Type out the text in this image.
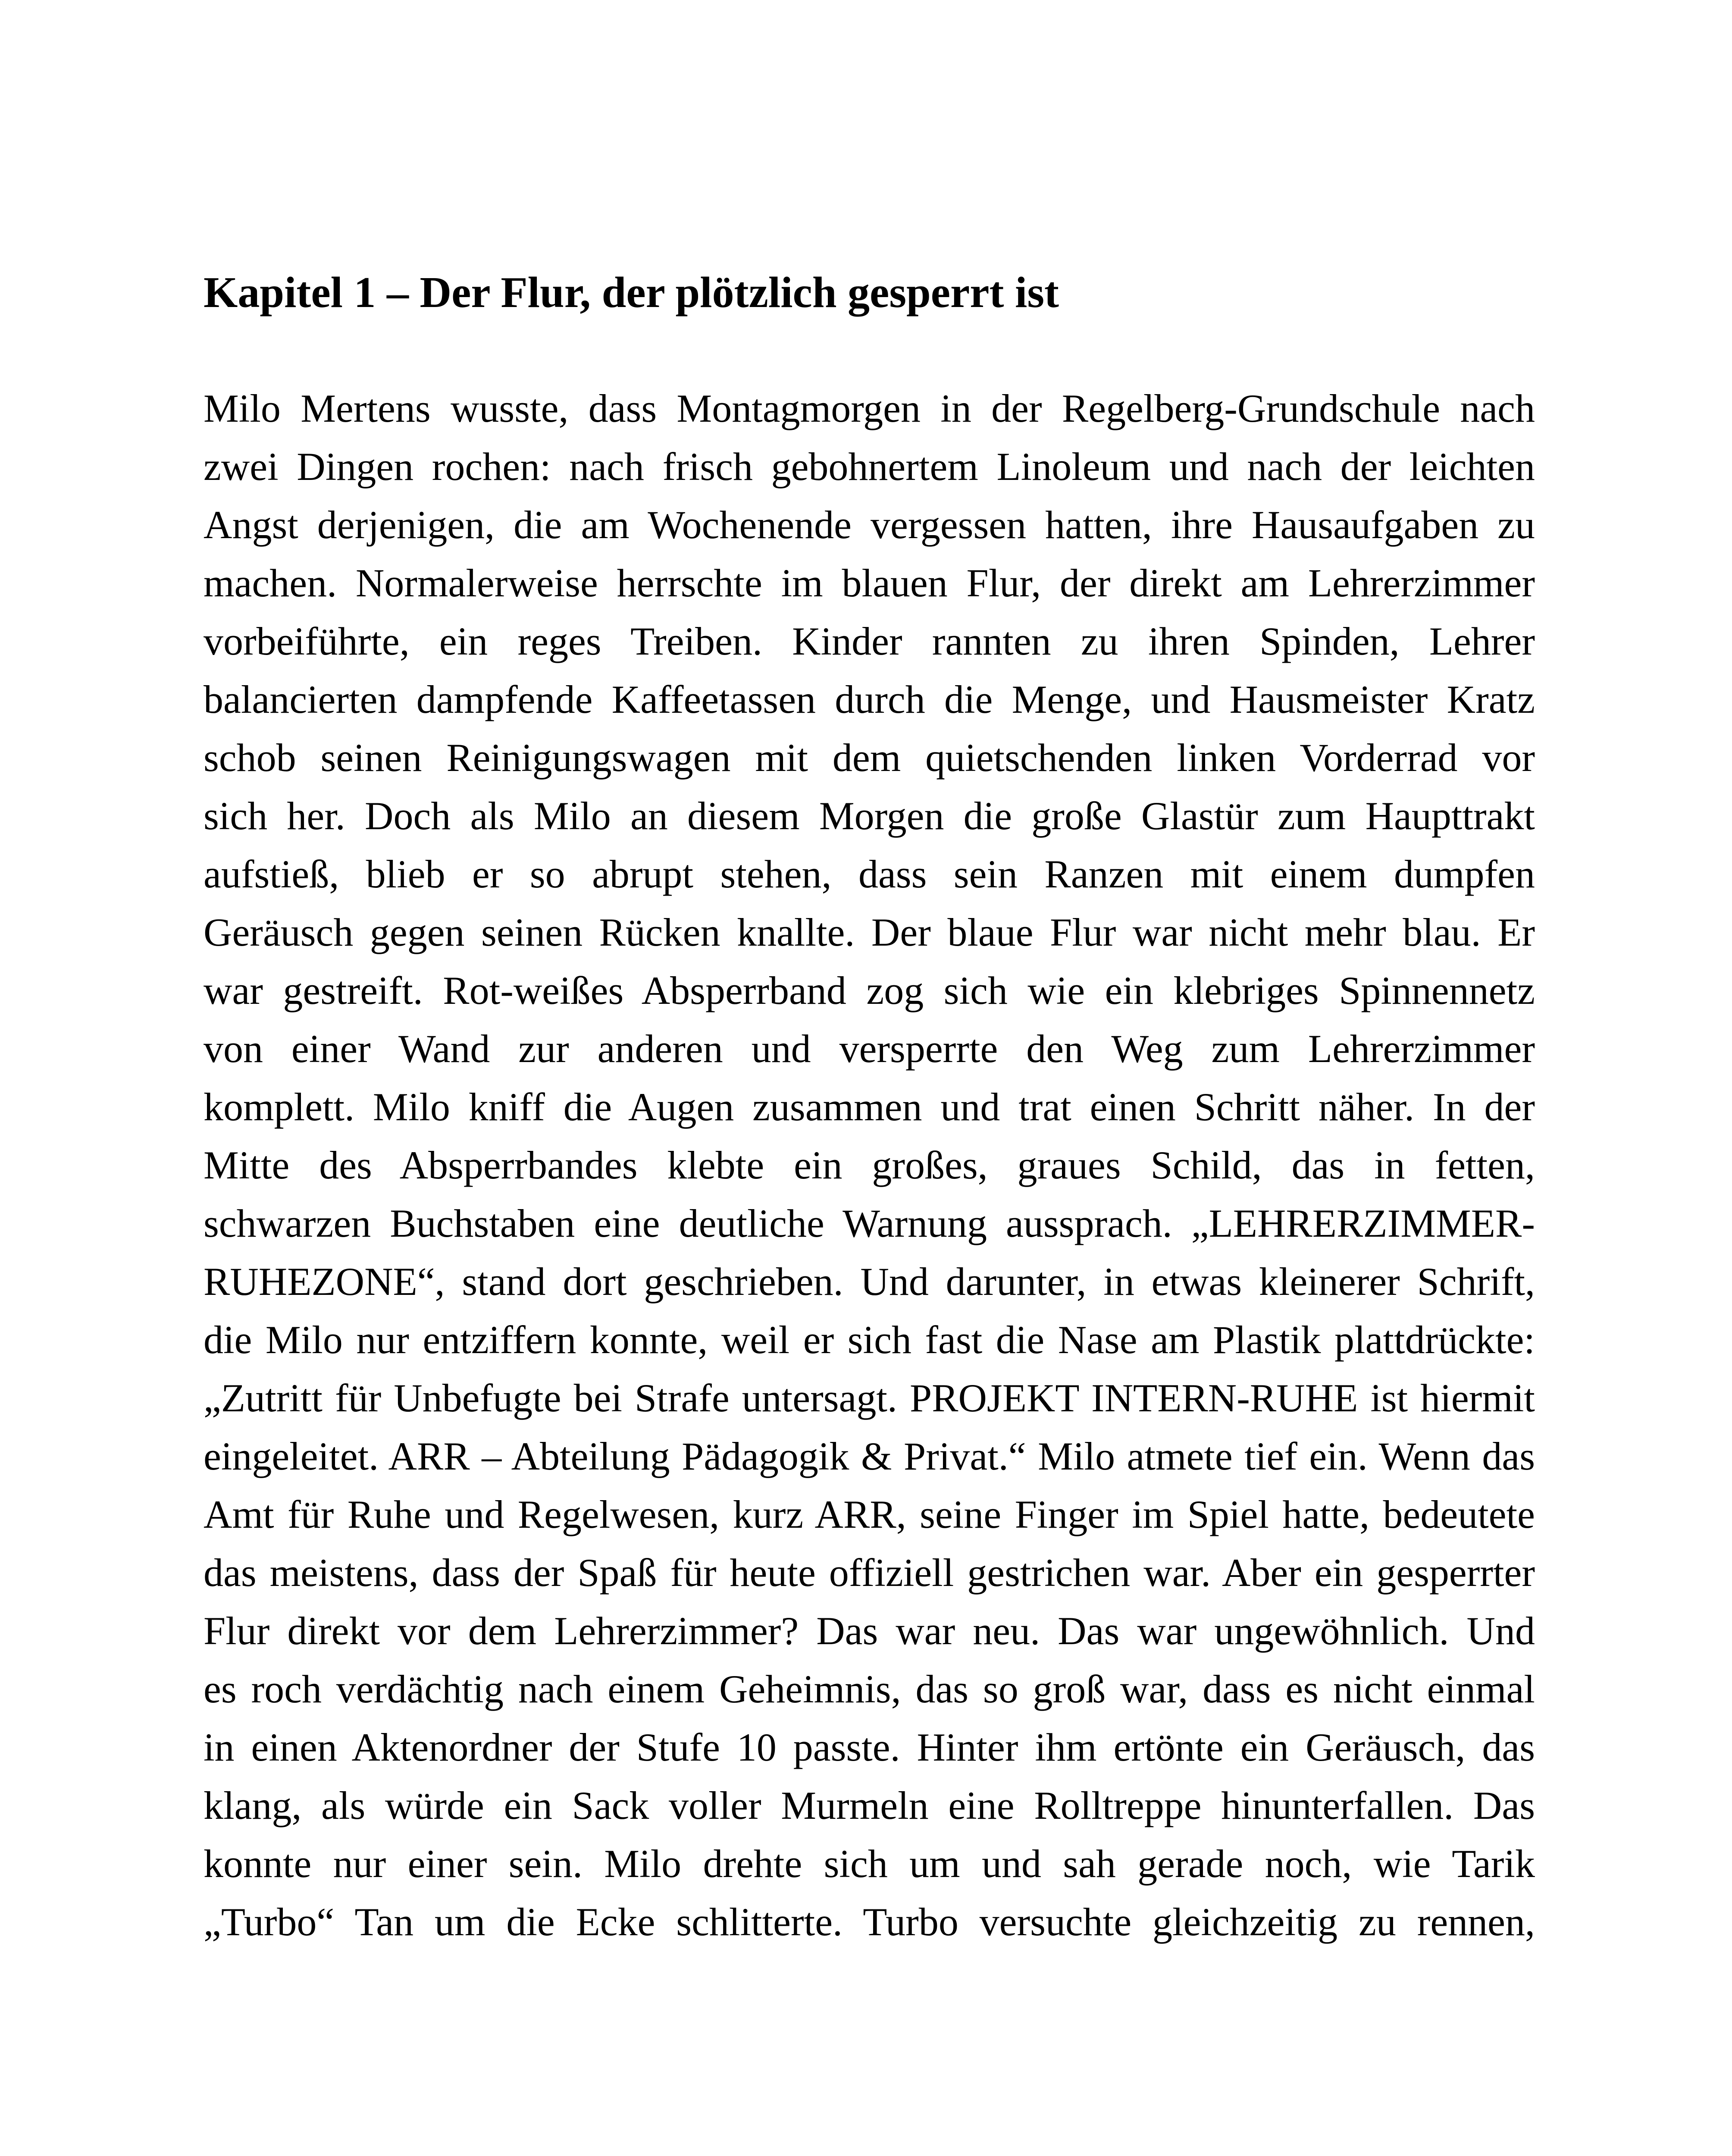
Kapitel 1 – Der Flur, der plötzlich gesperrt ist
Milo Mertens wusste, dass Montagmorgen in der Regelberg-Grundschule nach
zwei Dingen rochen: nach frisch gebohnertem Linoleum und nach der leichten
Angst derjenigen, die am Wochenende vergessen hatten, ihre Hausaufgaben zu
machen. Normalerweise herrschte im blauen Flur, der direkt am Lehrerzimmer
vorbeiführte, ein reges Treiben. Kinder rannten zu ihren Spinden, Lehrer
balancierten dampfende Kaffeetassen durch die Menge, und Hausmeister Kratz
schob seinen Reinigungswagen mit dem quietschenden linken Vorderrad vor
sich her. Doch als Milo an diesem Morgen die große Glastür zum Haupttrakt
aufstieß, blieb er so abrupt stehen, dass sein Ranzen mit einem dumpfen
Geräusch gegen seinen Rücken knallte. Der blaue Flur war nicht mehr blau. Er
war gestreift. Rot-weißes Absperrband zog sich wie ein klebriges Spinnennetz
von einer Wand zur anderen und versperrte den Weg zum Lehrerzimmer
komplett. Milo kniff die Augen zusammen und trat einen Schritt näher. In der
Mitte des Absperrbandes klebte ein großes, graues Schild, das in fetten,
schwarzen Buchstaben eine deutliche Warnung aussprach. „LEHRERZIMMER-
RUHEZONE“, stand dort geschrieben. Und darunter, in etwas kleinerer Schrift,
die Milo nur entziffern konnte, weil er sich fast die Nase am Plastik plattdrückte:
„Zutritt für Unbefugte bei Strafe untersagt. PROJEKT INTERN-RUHE ist hiermit
eingeleitet. ARR – Abteilung Pädagogik & Privat.“ Milo atmete tief ein. Wenn das
Amt für Ruhe und Regelwesen, kurz ARR, seine Finger im Spiel hatte, bedeutete
das meistens, dass der Spaß für heute offiziell gestrichen war. Aber ein gesperrter
Flur direkt vor dem Lehrerzimmer? Das war neu. Das war ungewöhnlich. Und
es roch verdächtig nach einem Geheimnis, das so groß war, dass es nicht einmal
in einen Aktenordner der Stufe 10 passte. Hinter ihm ertönte ein Geräusch, das
klang, als würde ein Sack voller Murmeln eine Rolltreppe hinunterfallen. Das
konnte nur einer sein. Milo drehte sich um und sah gerade noch, wie Tarik
„Turbo“ Tan um die Ecke schlitterte. Turbo versuchte gleichzeitig zu rennen,
